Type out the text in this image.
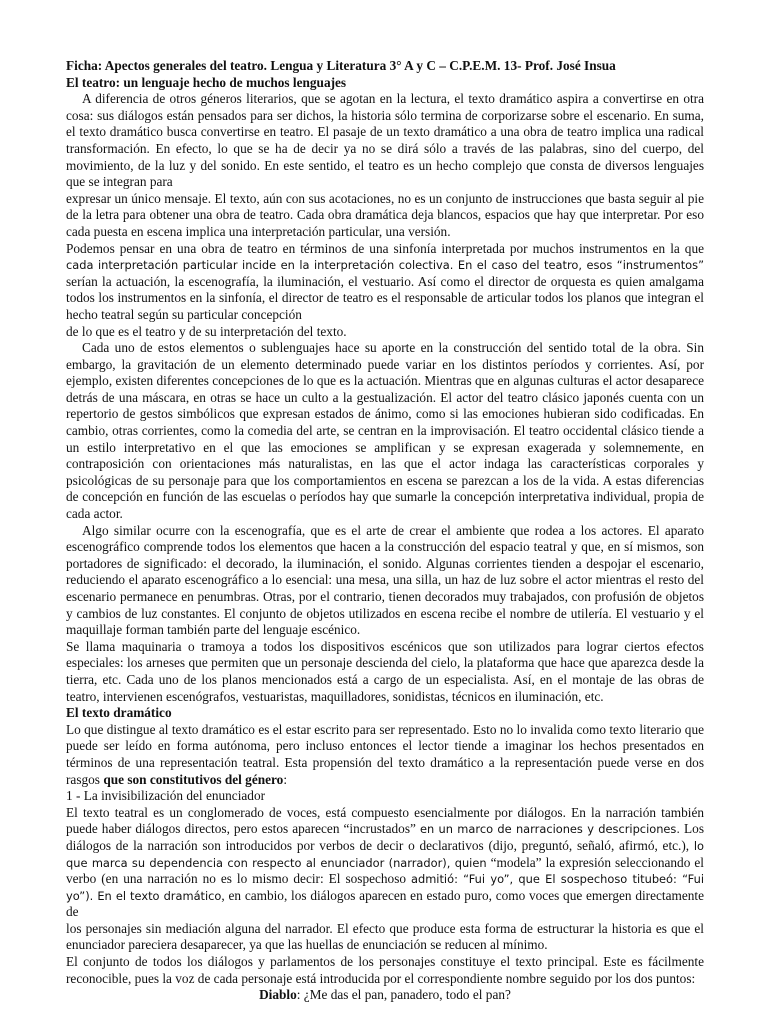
Ficha: Apectos generales del teatro. Lengua y Literatura 3° A y C – C.P.E.M. 13- Prof. José Insua
El teatro: un lenguaje hecho de muchos lenguajes

A diferencia de otros géneros literarios, que se agotan en la lectura, el texto dramático aspira a convertirse en otra cosa: sus diálogos están pensados para ser dichos, la historia sólo termina de corporizarse sobre el escenario. En suma, el texto dramático busca convertirse en teatro. El pasaje de un texto dramático a una obra de teatro implica una radical transformación. En efecto, lo que se ha de decir ya no se dirá sólo a través de las palabras, sino del cuerpo, del movimiento, de la luz y del sonido. En este sentido, el teatro es un hecho complejo que consta de diversos lenguajes que se integran para

expresar un único mensaje. El texto, aún con sus acotaciones, no es un conjunto de instrucciones que basta seguir al pie de la letra para obtener una obra de teatro. Cada obra dramática deja blancos, espacios que hay que interpretar. Por eso cada puesta en escena implica una interpretación particular, una versión.

Podemos pensar en una obra de teatro en términos de una sinfonía interpretada por muchos instrumentos en la que cada interpretación particular incide en la interpretación colectiva. En el caso del teatro, esos “instrumentos” serían la actuación, la escenografía, la iluminación, el vestuario. Así como el director de orquesta es quien amalgama todos los instrumentos en la sinfonía, el director de teatro es el responsable de articular todos los planos que integran el hecho teatral según su particular concepción

de lo que es el teatro y de su interpretación del texto.

Cada uno de estos elementos o sublenguajes hace su aporte en la construcción del sentido total de la obra. Sin embargo, la gravitación de un elemento determinado puede variar en los distintos períodos y corrientes. Así, por ejemplo, existen diferentes concepciones de lo que es la actuación. Mientras que en algunas culturas el actor desaparece detrás de una máscara, en otras se hace un culto a la gestualización. El actor del teatro clásico japonés cuenta con un repertorio de gestos simbólicos que expresan estados de ánimo, como si las emociones hubieran sido codificadas. En cambio, otras corrientes, como la comedia del arte, se centran en la improvisación. El teatro occidental clásico tiende a un estilo interpretativo en el que las emociones se amplifican y se expresan exagerada y solemnemente, en contraposición con orientaciones más naturalistas, en las que el actor indaga las características corporales y psicológicas de su personaje para que los comportamientos en escena se parezcan a los de la vida. A estas diferencias de concepción en función de las escuelas o períodos hay que sumarle la concepción interpretativa individual, propia de cada actor.

Algo similar ocurre con la escenografía, que es el arte de crear el ambiente que rodea a los actores. El aparato escenográfico comprende todos los elementos que hacen a la construcción del espacio teatral y que, en sí mismos, son portadores de significado: el decorado, la iluminación, el sonido. Algunas corrientes tienden a despojar el escenario, reduciendo el aparato escenográfico a lo esencial: una mesa, una silla, un haz de luz sobre el actor mientras el resto del escenario permanece en penumbras. Otras, por el contrario, tienen decorados muy trabajados, con profusión de objetos y cambios de luz constantes. El conjunto de objetos utilizados en escena recibe el nombre de utilería. El vestuario y el maquillaje forman también parte del lenguaje escénico.

Se llama maquinaria o tramoya a todos los dispositivos escénicos que son utilizados para lograr ciertos efectos especiales: los arneses que permiten que un personaje descienda del cielo, la plataforma que hace que aparezca desde la tierra, etc. Cada uno de los planos mencionados está a cargo de un especialista. Así, en el montaje de las obras de teatro, intervienen escenógrafos, vestuaristas, maquilladores, sonidistas, técnicos en iluminación, etc.

El texto dramático

Lo que distingue al texto dramático es el estar escrito para ser representado. Esto no lo invalida como texto literario que puede ser leído en forma autónoma, pero incluso entonces el lector tiende a imaginar los hechos presentados en términos de una representación teatral. Esta propensión del texto dramático a la representación puede verse en dos rasgos que son constitutivos del género:

1 - La invisibilización del enunciador

El texto teatral es un conglomerado de voces, está compuesto esencialmente por diálogos. En la narración también puede haber diálogos directos, pero estos aparecen “incrustados” en un marco de narraciones y descripciones. Los diálogos de la narración son introducidos por verbos de decir o declarativos (dijo, preguntó, señaló, afirmó, etc.), lo que marca su dependencia con respecto al enunciador (narrador), quien “modela” la expresión seleccionando el verbo (en una narración no es lo mismo decir: El sospechoso admitió: “Fui yo”, que El sospechoso titubeó: “Fui yo”). En el texto dramático, en cambio, los diálogos aparecen en estado puro, como voces que emergen directamente de

los personajes sin mediación alguna del narrador. El efecto que produce esta forma de estructurar la historia es que el enunciador pareciera desaparecer, ya que las huellas de enunciación se reducen al mínimo.

El conjunto de todos los diálogos y parlamentos de los personajes constituye el texto principal. Este es fácilmente reconocible, pues la voz de cada personaje está introducida por el correspondiente nombre seguido por los dos puntos:

Diablo: ¿Me das el pan, panadero, todo el pan?
